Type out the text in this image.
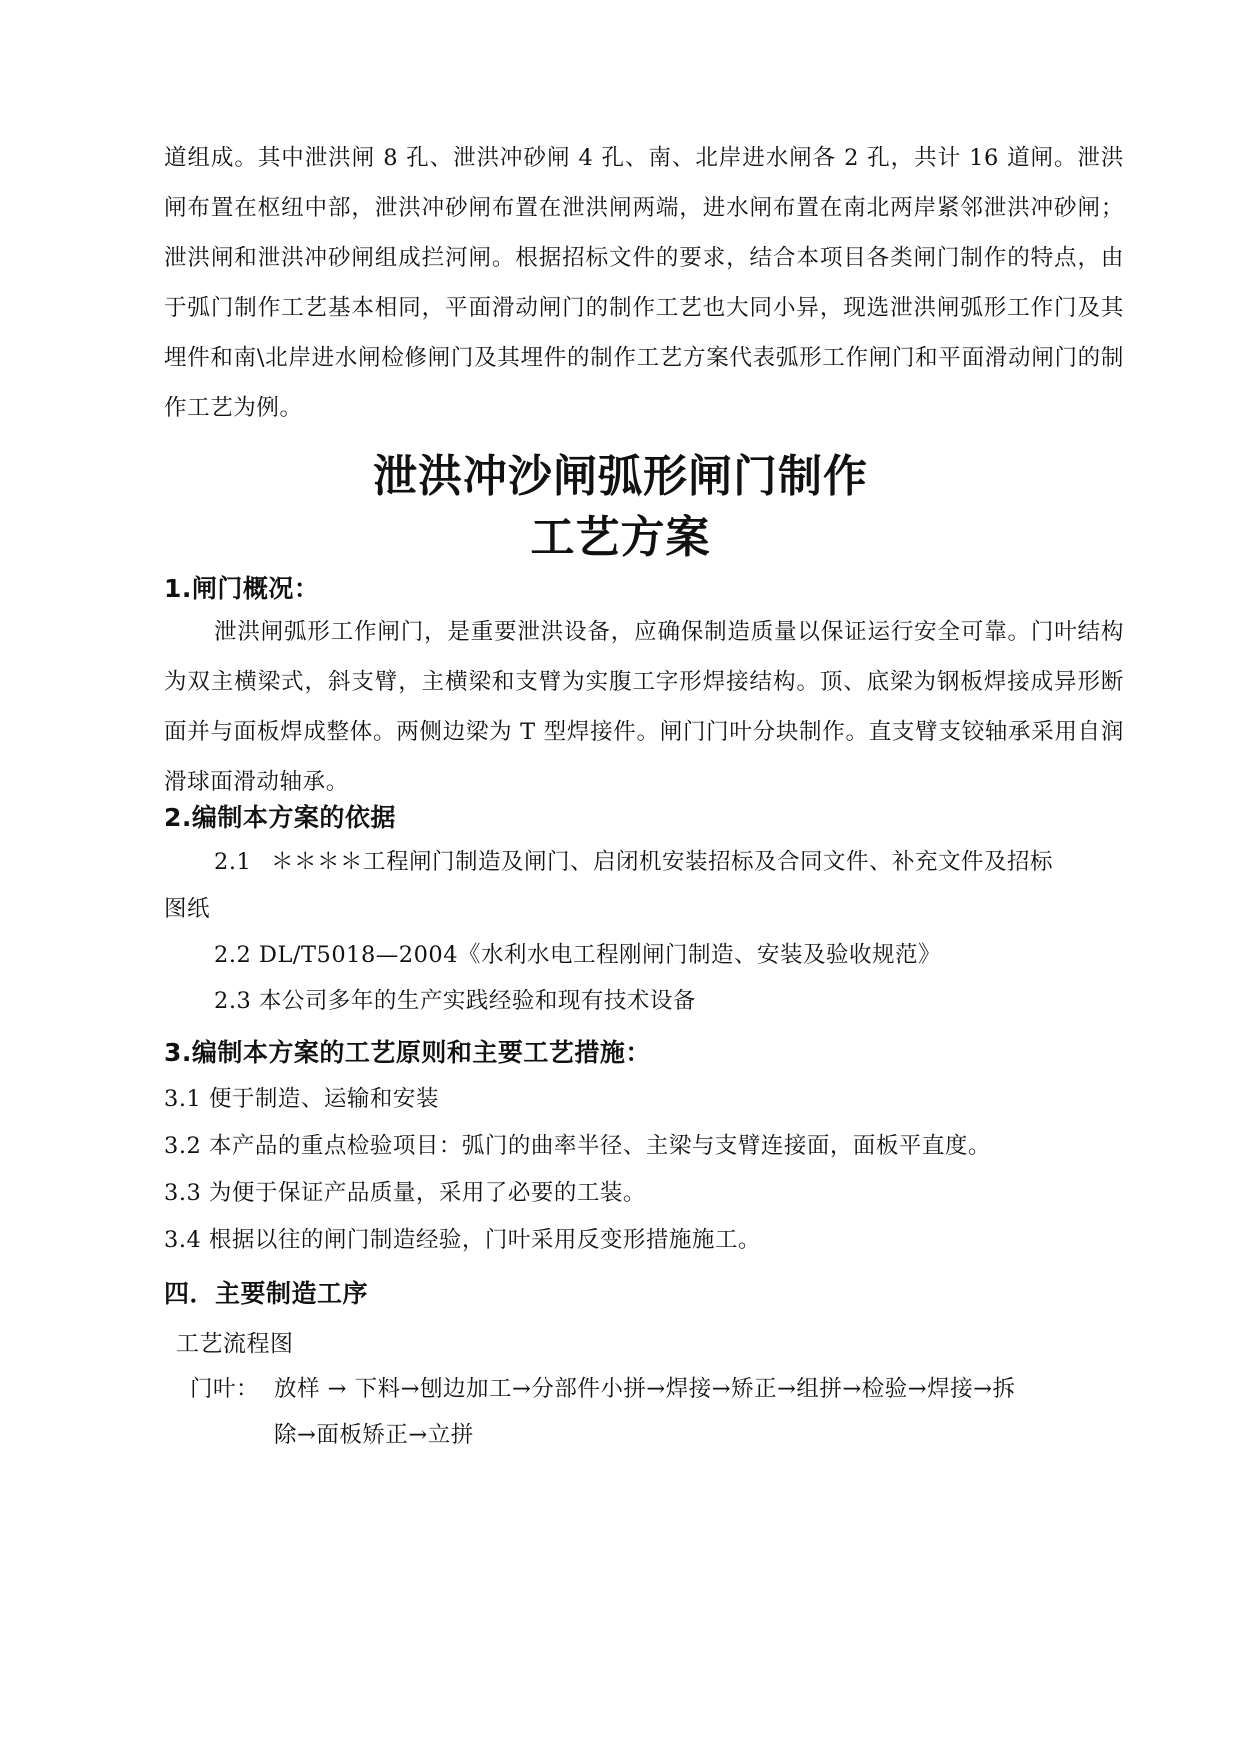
道组成。其中泄洪闸 8 孔、泄洪冲砂闸 4 孔、南、北岸进水闸各 2 孔，共计 16 道闸。泄洪闸布置在枢纽中部，泄洪冲砂闸布置在泄洪闸两端，进水闸布置在南北两岸紧邻泄洪冲砂闸；泄洪闸和泄洪冲砂闸组成拦河闸。根据招标文件的要求，结合本项目各类闸门制作的特点，由于弧门制作工艺基本相同，平面滑动闸门的制作工艺也大同小异，现选泄洪闸弧形工作门及其埋件和南\北岸进水闸检修闸门及其埋件的制作工艺方案代表弧形工作闸门和平面滑动闸门的制作工艺为例。
泄洪冲沙闸弧形闸门制作
工艺方案
1.闸门概况：
泄洪闸弧形工作闸门，是重要泄洪设备，应确保制造质量以保证运行安全可靠。门叶结构为双主横梁式，斜支臂，主横梁和支臂为实腹工字形焊接结构。顶、底梁为钢板焊接成异形断面并与面板焊成整体。两侧边梁为 T 型焊接件。闸门门叶分块制作。直支臂支铰轴承采用自润滑球面滑动轴承。
2.编制本方案的依据
2.1 ＊＊＊＊工程闸门制造及闸门、启闭机安装招标及合同文件、补充文件及招标
图纸
2.2 DL/T5018—2004《水利水电工程刚闸门制造、安装及验收规范》
2.3 本公司多年的生产实践经验和现有技术设备
3.编制本方案的工艺原则和主要工艺措施：
3.1 便于制造、运输和安装
3.2 本产品的重点检验项目：弧门的曲率半径、主梁与支臂连接面，面板平直度。
3.3 为便于保证产品质量，采用了必要的工装。
3.4 根据以往的闸门制造经验，门叶采用反变形措施施工。
四．主要制造工序
工艺流程图
门叶： 放样 → 下料→刨边加工→分部件小拼→焊接→矫正→组拼→检验→焊接→拆
除→面板矫正→立拼
